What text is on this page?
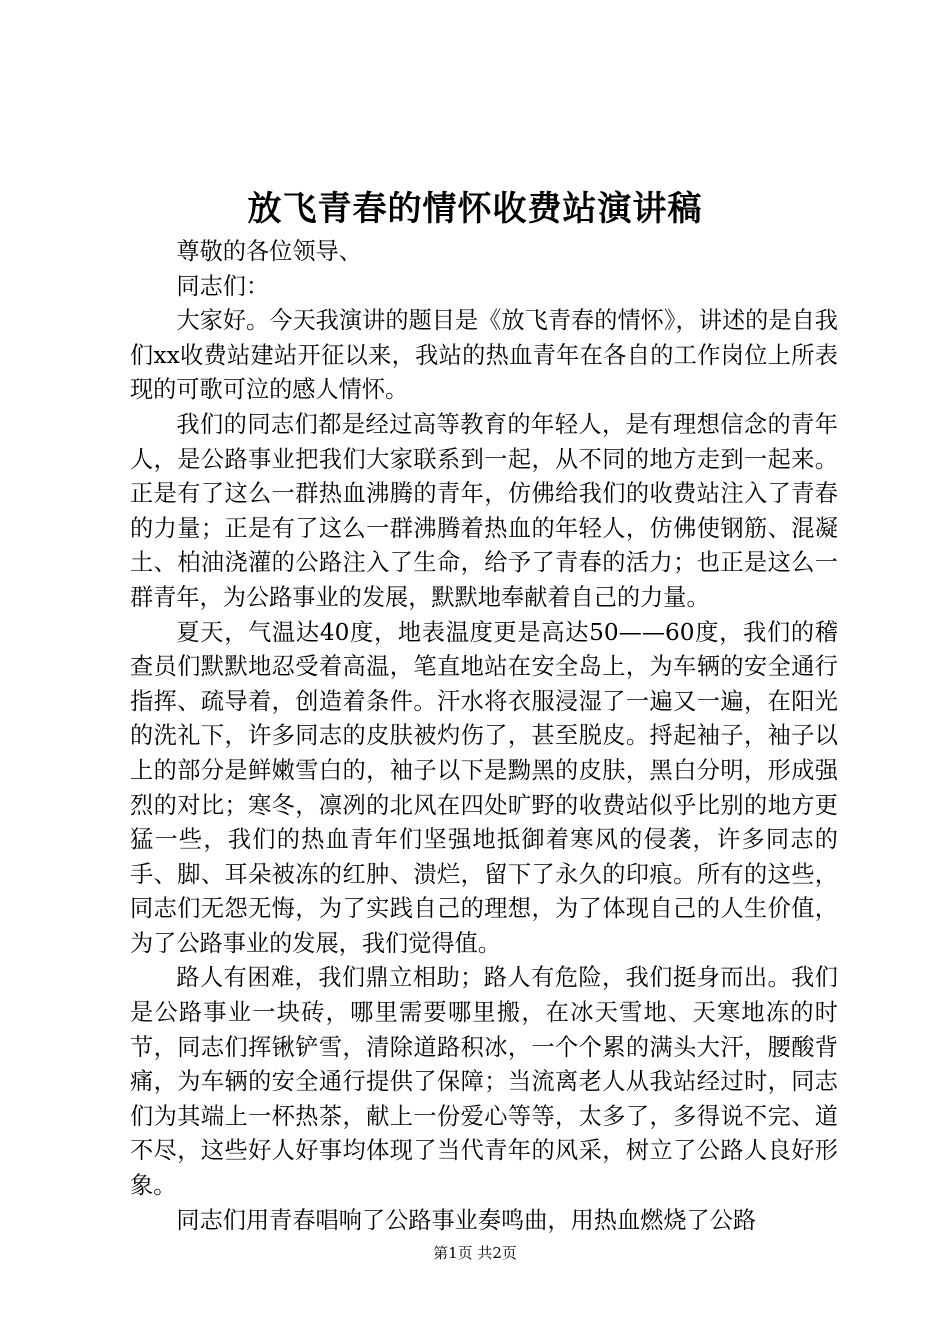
放飞青春的情怀收费站演讲稿

尊敬的各位领导、

同志们：

大家好。今天我演讲的题目是《放飞青春的情怀》，讲述的是自我们xx收费站建站开征以来，我站的热血青年在各自的工作岗位上所表现的可歌可泣的感人情怀。

我们的同志们都是经过高等教育的年轻人，是有理想信念的青年人，是公路事业把我们大家联系到一起，从不同的地方走到一起来。正是有了这么一群热血沸腾的青年，仿佛给我们的收费站注入了青春的力量；正是有了这么一群沸腾着热血的年轻人，仿佛使钢筋、混凝土、柏油浇灌的公路注入了生命，给予了青春的活力；也正是这么一群青年，为公路事业的发展，默默地奉献着自己的力量。

夏天，气温达40度，地表温度更是高达50——60度，我们的稽查员们默默地忍受着高温，笔直地站在安全岛上，为车辆的安全通行指挥、疏导着，创造着条件。汗水将衣服浸湿了一遍又一遍，在阳光的洗礼下，许多同志的皮肤被灼伤了，甚至脱皮。捋起袖子，袖子以上的部分是鲜嫩雪白的，袖子以下是黝黑的皮肤，黑白分明，形成强烈的对比；寒冬，凛冽的北风在四处旷野的收费站似乎比别的地方更猛一些，我们的热血青年们坚强地抵御着寒风的侵袭，许多同志的手、脚、耳朵被冻的红肿、溃烂，留下了永久的印痕。所有的这些，同志们无怨无悔，为了实践自己的理想，为了体现自己的人生价值，为了公路事业的发展，我们觉得值。

路人有困难，我们鼎立相助；路人有危险，我们挺身而出。我们是公路事业一块砖，哪里需要哪里搬，在冰天雪地、天寒地冻的时节，同志们挥锹铲雪，清除道路积冰，一个个累的满头大汗，腰酸背痛，为车辆的安全通行提供了保障；当流离老人从我站经过时，同志们为其端上一杯热茶，献上一份爱心等等，太多了，多得说不完、道不尽，这些好人好事均体现了当代青年的风采，树立了公路人良好形象。

同志们用青春唱响了公路事业奏鸣曲，用热血燃烧了公路

第1页 共2页
